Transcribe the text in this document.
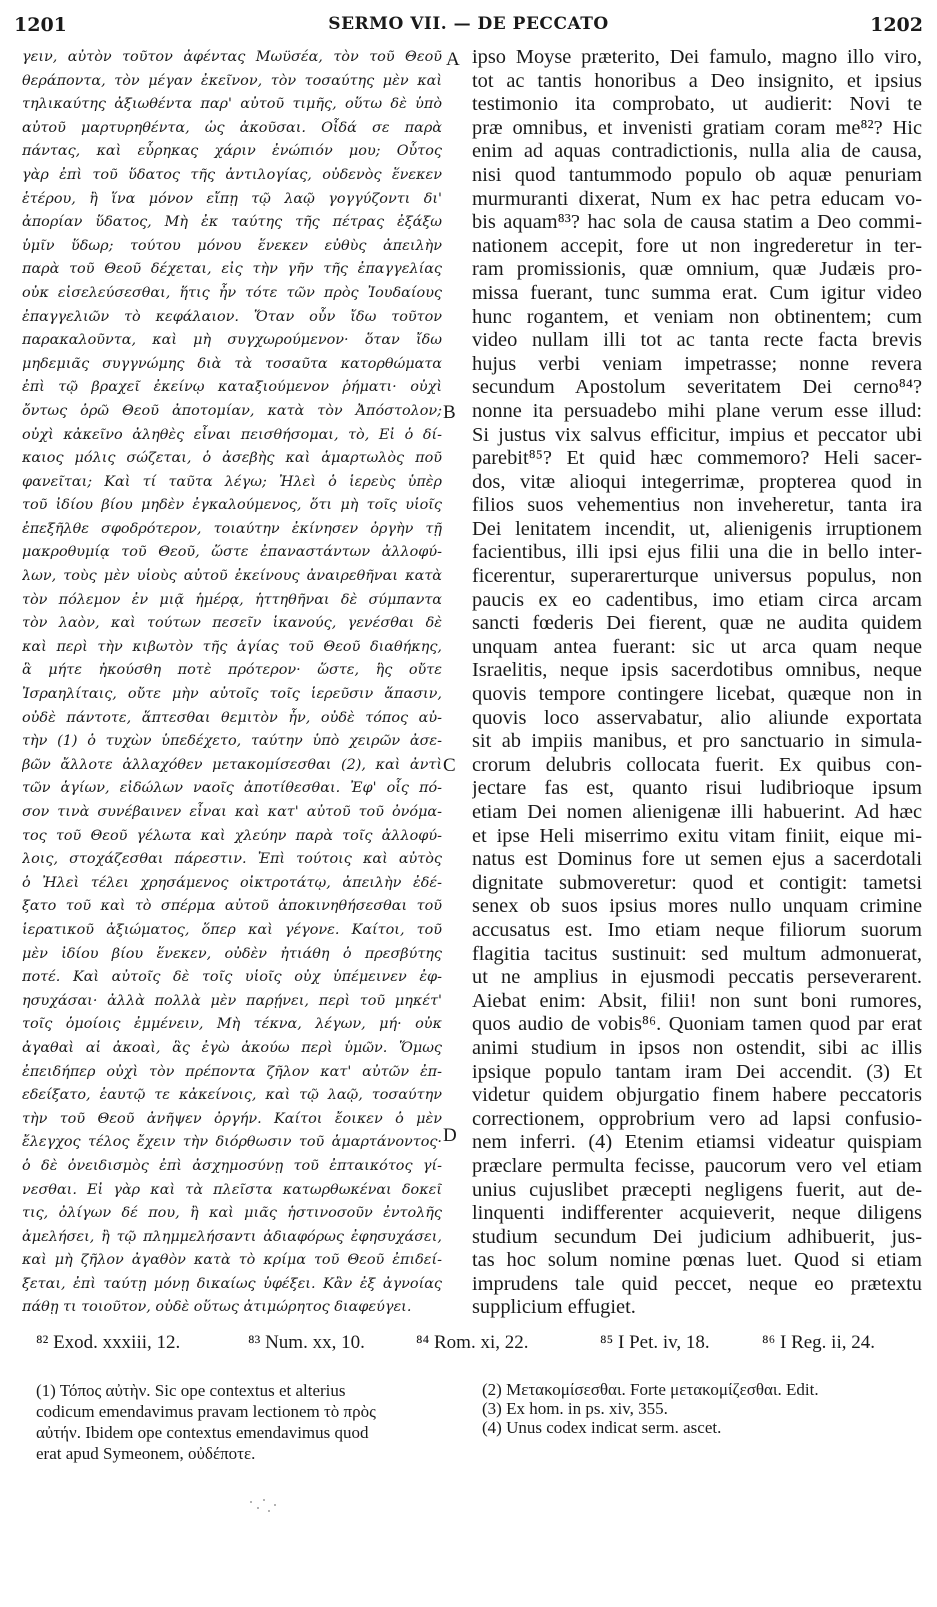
1201	SERMO VII. — DE PECCATO	1202
γειν, αὐτὸν τοῦτον ἀφέντας Μωϋσέα, τὸν τοῦ Θεοῦ
θεράποντα, τὸν μέγαν ἐκεῖνον, τὸν τοσαύτης μὲν καὶ
τηλικαύτης ἀξιωθέντα παρ' αὐτοῦ τιμῆς, οὕτω δὲ ὑπὸ
αὐτοῦ μαρτυρηθέντα, ὡς ἀκοῦσαι. Οἶδά σε παρὰ
πάντας, καὶ εὗρηκας χάριν ἐνώπιόν μου; Οὗτος
γὰρ ἐπὶ τοῦ ὕδατος τῆς ἀντιλογίας, οὐδενὸς ἕνεκεν
ἑτέρου, ἢ ἵνα μόνον εἴπῃ τῷ λαῷ γογγύζοντι δι'
ἀπορίαν ὕδατος, Μὴ ἐκ ταύτης τῆς πέτρας ἐξάξω
ὑμῖν ὕδωρ; τούτου μόνου ἕνεκεν εὐθὺς ἀπειλὴν
παρὰ τοῦ Θεοῦ δέχεται, εἰς τὴν γῆν τῆς ἐπαγγελίας
οὐκ εἰσελεύσεσθαι, ἥτις ἦν τότε τῶν πρὸς Ἰουδαίους
ἐπαγγελιῶν τὸ κεφάλαιον. Ὅταν οὖν ἴδω τοῦτον
παρακαλοῦντα, καὶ μὴ συγχωρούμενον· ὅταν ἴδω
μηδεμιᾶς συγγνώμης διὰ τὰ τοσαῦτα κατορθώματα
ἐπὶ τῷ βραχεῖ ἐκείνῳ καταξιούμενον ῥήματι· οὐχὶ
ὄντως ὁρῶ Θεοῦ ἀποτομίαν, κατὰ τὸν Ἀπόστολον;
οὐχὶ κἀκεῖνο ἀληθὲς εἶναι πεισθήσομαι, τὸ, Εἰ ὁ δί-
καιος μόλις σώζεται, ὁ ἀσεβὴς καὶ ἁμαρτωλὸς ποῦ
φανεῖται; Καὶ τί ταῦτα λέγω; Ἠλεὶ ὁ ἱερεὺς ὑπὲρ
τοῦ ἰδίου βίου μηδὲν ἐγκαλούμενος, ὅτι μὴ τοῖς υἱοῖς
ἐπεξῆλθε σφοδρότερον, τοιαύτην ἐκίνησεν ὀργὴν τῇ
μακροθυμίᾳ τοῦ Θεοῦ, ὥστε ἐπαναστάντων ἀλλοφύ-
λων, τοὺς μὲν υἱοὺς αὐτοῦ ἐκείνους ἀναιρεθῆναι κατὰ
τὸν πόλεμον ἐν μιᾷ ἡμέρᾳ, ἡττηθῆναι δὲ σύμπαντα
τὸν λαὸν, καὶ τούτων πεσεῖν ἱκανούς, γενέσθαι δὲ
καὶ περὶ τὴν κιβωτὸν τῆς ἁγίας τοῦ Θεοῦ διαθήκης,
ἃ μήτε ἠκούσθη ποτὲ πρότερον· ὥστε, ἣς οὔτε
Ἰσραηλίταις, οὔτε μὴν αὐτοῖς τοῖς ἱερεῦσιν ἅπασιν,
οὐδὲ πάντοτε, ἅπτεσθαι θεμιτὸν ἦν, οὐδὲ τόπος αὐ-
τὴν (1) ὁ τυχὼν ὑπεδέχετο, ταύτην ὑπὸ χειρῶν ἀσε-
βῶν ἄλλοτε ἀλλαχόθεν μετακομίσεσθαι (2), καὶ ἀντὶ
τῶν ἁγίων, εἰδώλων ναοῖς ἀποτίθεσθαι. Ἐφ' οἷς πό-
σον τινὰ συνέβαινεν εἶναι καὶ κατ' αὐτοῦ τοῦ ὀνόμα-
τος τοῦ Θεοῦ γέλωτα καὶ χλεύην παρὰ τοῖς ἀλλοφύ-
λοις, στοχάζεσθαι πάρεστιν. Ἐπὶ τούτοις καὶ αὐτὸς
ὁ Ἠλεὶ τέλει χρησάμενος οἰκτροτάτῳ, ἀπειλὴν ἐδέ-
ξατο τοῦ καὶ τὸ σπέρμα αὐτοῦ ἀποκινηθήσεσθαι τοῦ
ἱερατικοῦ ἀξιώματος, ὅπερ καὶ γέγονε. Καίτοι, τοῦ
μὲν ἰδίου βίου ἕνεκεν, οὐδὲν ἠτιάθη ὁ πρεσβύτης
ποτέ. Καὶ αὐτοῖς δὲ τοῖς υἱοῖς οὐχ ὑπέμεινεν ἐφ-
ησυχάσαι· ἀλλὰ πολλὰ μὲν παρῄνει, περὶ τοῦ μηκέτ'
τοῖς ὁμοίοις ἐμμένειν, Μὴ τέκνα, λέγων, μή· οὐκ
ἀγαθαὶ αἱ ἀκοαὶ, ἃς ἐγὼ ἀκούω περὶ ὑμῶν. Ὅμως
ἐπειδήπερ οὐχὶ τὸν πρέποντα ζῆλον κατ' αὐτῶν ἐπ-
εδείξατο, ἑαυτῷ τε κἀκείνοις, καὶ τῷ λαῷ, τοσαύτην
τὴν τοῦ Θεοῦ ἀνῆψεν ὀργήν. Καίτοι ἔοικεν ὁ μὲν
ἔλεγχος τέλος ἔχειν τὴν διόρθωσιν τοῦ ἁμαρτάνοντος·
ὁ δὲ ὀνειδισμὸς ἐπὶ ἀσχημοσύνῃ τοῦ ἐπταικότος γί-
νεσθαι. Εἰ γὰρ καὶ τὰ πλεῖστα κατωρθωκέναι δοκεῖ
τις, ὀλίγων δέ που, ἢ καὶ μιᾶς ἡστινοσοῦν ἐντολῆς
ἀμελήσει, ἢ τῷ πλημμελήσαντι ἀδιαφόρως ἐφησυχάσει,
καὶ μὴ ζῆλον ἀγαθὸν κατὰ τὸ κρίμα τοῦ Θεοῦ ἐπιδεί-
ξεται, ἐπὶ ταύτῃ μόνῃ δικαίως ὑφέξει. Κἂν ἐξ ἀγνοίας
πάθῃ τι τοιοῦτον, οὐδὲ οὕτως ἀτιμώρητος διαφεύγει.
A
B
C
D
ipso Moyse præterito, Dei famulo, magno illo viro,
tot ac tantis honoribus a Deo insignito, et ipsius
testimonio ita comprobato, ut audierit: Novi te
præ omnibus, et invenisti gratiam coram me⁸²? Hic
enim ad aquas contradictionis, nulla alia de causa,
nisi quod tantummodo populo ob aquæ penuriam
murmuranti dixerat, Num ex hac petra educam vo-
bis aquam⁸³? hac sola de causa statim a Deo commi-
nationem accepit, fore ut non ingrederetur in ter-
ram promissionis, quæ omnium, quæ Judæis pro-
missa fuerant, tunc summa erat. Cum igitur video
hunc rogantem, et veniam non obtinentem; cum
video nullam illi tot ac tanta recte facta brevis
hujus verbi veniam impetrasse; nonne revera
secundum Apostolum severitatem Dei cerno⁸⁴?
nonne ita persuadebo mihi plane verum esse illud:
Si justus vix salvus efficitur, impius et peccator ubi
parebit⁸⁵? Et quid hæc commemoro? Heli sacer-
dos, vitæ alioqui integerrimæ, propterea quod in
filios suos vehementius non inveheretur, tanta ira
Dei lenitatem incendit, ut, alienigenis irruptionem
facientibus, illi ipsi ejus filii una die in bello inter-
ficerentur, superarerturque universus populus, non
paucis ex eo cadentibus, imo etiam circa arcam
sancti fœderis Dei fierent, quæ ne audita quidem
unquam antea fuerant: sic ut arca quam neque
Israelitis, neque ipsis sacerdotibus omnibus, neque
quovis tempore contingere licebat, quæque non in
quovis loco asservabatur, alio aliunde exportata
sit ab impiis manibus, et pro sanctuario in simula-
crorum delubris collocata fuerit. Ex quibus con-
jectare fas est, quanto risui ludibrioque ipsum
etiam Dei nomen alienigenæ illi habuerint. Ad hæc
et ipse Heli miserrimo exitu vitam finiit, eique mi-
natus est Dominus fore ut semen ejus a sacerdotali
dignitate submoveretur: quod et contigit: tametsi
senex ob suos ipsius mores nullo unquam crimine
accusatus est. Imo etiam neque filiorum suorum
flagitia tacitus sustinuit: sed multum admonuerat,
ut ne amplius in ejusmodi peccatis perseverarent.
Aiebat enim: Absit, filii! non sunt boni rumores,
quos audio de vobis⁸⁶. Quoniam tamen quod par erat
animi studium in ipsos non ostendit, sibi ac illis
ipsique populo tantam iram Dei accendit. (3) Et
videtur quidem objurgatio finem habere peccatoris
correctionem, opprobrium vero ad lapsi confusio-
nem inferri. (4) Etenim etiamsi videatur quispiam
præclare permulta fecisse, paucorum vero vel etiam
unius cujuslibet præcepti negligens fuerit, aut de-
linquenti indifferenter acquieverit, neque diligens
studium secundum Dei judicium adhibuerit, jus-
tas hoc solum nomine pœnas luet. Quod si etiam
imprudens tale quid peccet, neque eo prætextu
supplicium effugiet.
⁸² Exod. xxxiii, 12.	⁸³ Num. xx, 10.	⁸⁴ Rom. xi, 22.	⁸⁵ I Pet. iv, 18.	⁸⁶ I Reg. ii, 24.
(1) Τόπος αὐτὴν. Sic ope contextus et alterius
codicum emendavimus pravam lectionem τὸ πρὸς
αὐτήν. Ibidem ope contextus emendavimus quod
erat apud Symeonem, οὐδέποτε.
(2) Μετακομίσεσθαι. Forte μετακομίζεσθαι. Edit.
(3) Ex hom. in ps. xiv, 355.
(4) Unus codex indicat serm. ascet.
